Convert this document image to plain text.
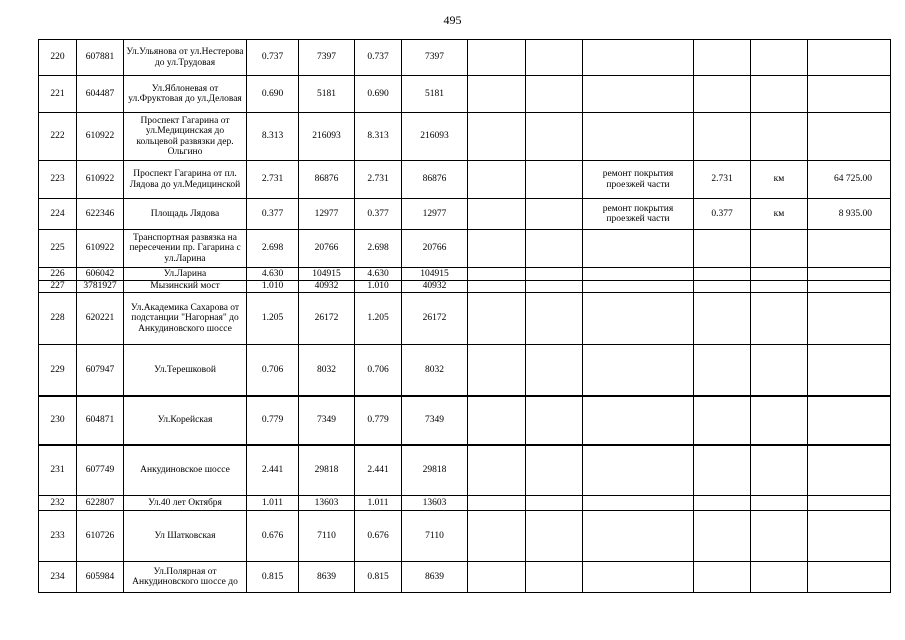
495
220	607881	Ул.Ульянова от ул.Нестерова до ул.Трудовая	0.737	7397	0.737	7397						
221	604487	Ул.Яблоневая от ул.Фруктовая до ул.Деловая	0.690	5181	0.690	5181						
222	610922	Проспект Гагарина от ул.Медицинская до кольцевой развязки дер. Ольгино	8.313	216093	8.313	216093						
223	610922	Проспект Гагарина от пл. Лядова до ул.Медицинской	2.731	86876	2.731	86876			ремонт покрытия проезжей части	2.731	км	64 725.00
224	622346	Площадь Лядова	0.377	12977	0.377	12977			ремонт покрытия проезжей части	0.377	км	8 935.00
225	610922	Транспортная развязка на пересечении пр. Гагарина с ул.Ларина	2.698	20766	2.698	20766						
226	606042	Ул.Ларина	4.630	104915	4.630	104915						
227	3781927	Мызинский мост	1.010	40932	1.010	40932						
228	620221	Ул.Академика Сахарова от подстанции "Нагорная" до Анкудиновского шоссе	1.205	26172	1.205	26172						
229	607947	Ул.Терешковой	0.706	8032	0.706	8032						
230	604871	Ул.Корейская	0.779	7349	0.779	7349						
231	607749	Анкудиновское шоссе	2.441	29818	2.441	29818						
232	622807	Ул.40 лет Октября	1.011	13603	1.011	13603						
233	610726	Ул Шатковская	0.676	7110	0.676	7110						
234	605984	Ул.Полярная от Анкудиновского шоссе до	0.815	8639	0.815	8639						
